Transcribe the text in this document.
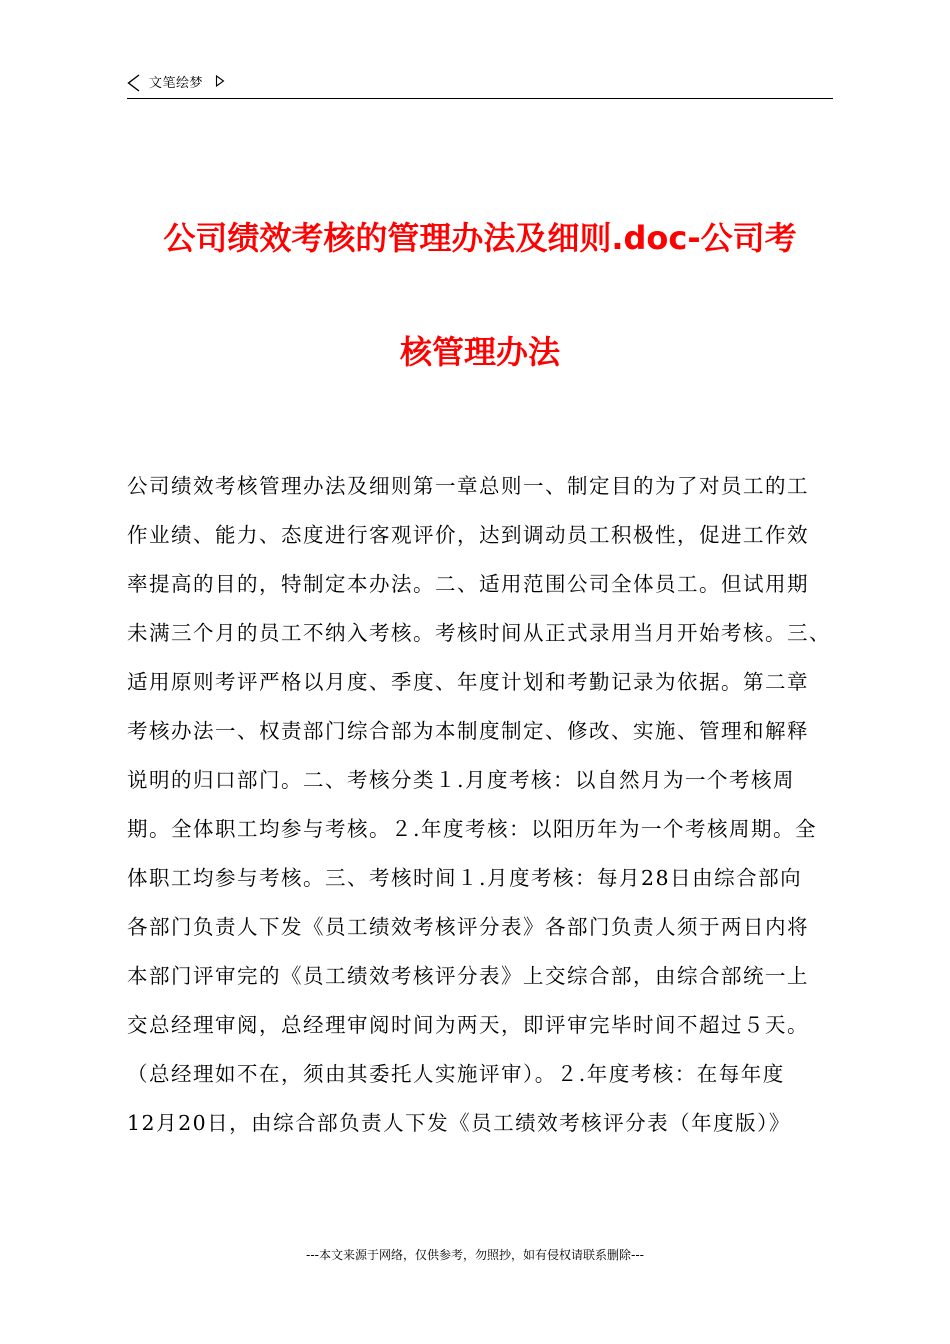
文笔绘梦
公司绩效考核的管理办法及细则.doc-公司考
核管理办法
公司绩效考核管理办法及细则第一章总则一、制定目的为了对员工的工
作业绩、能力、态度进行客观评价，达到调动员工积极性，促进工作效
率提高的目的，特制定本办法。二、适用范围公司全体员工。但试用期
未满三个月的员工不纳入考核。考核时间从正式录用当月开始考核。三、
适用原则考评严格以月度、季度、年度计划和考勤记录为依据。第二章
考核办法一、权责部门综合部为本制度制定、修改、实施、管理和解释
说明的归口部门。二、考核分类１.月度考核：以自然月为一个考核周
期。全体职工均参与考核。２.年度考核：以阳历年为一个考核周期。全
体职工均参与考核。三、考核时间１.月度考核：每月28日由综合部向
各部门负责人下发《员工绩效考核评分表》各部门负责人须于两日内将
本部门评审完的《员工绩效考核评分表》上交综合部，由综合部统一上
交总经理审阅，总经理审阅时间为两天，即评审完毕时间不超过５天。
（总经理如不在，须由其委托人实施评审）。２.年度考核：在每年度
12月20日，由综合部负责人下发《员工绩效考核评分表（年度版）》
---本文来源于网络，仅供参考，勿照抄，如有侵权请联系删除---
